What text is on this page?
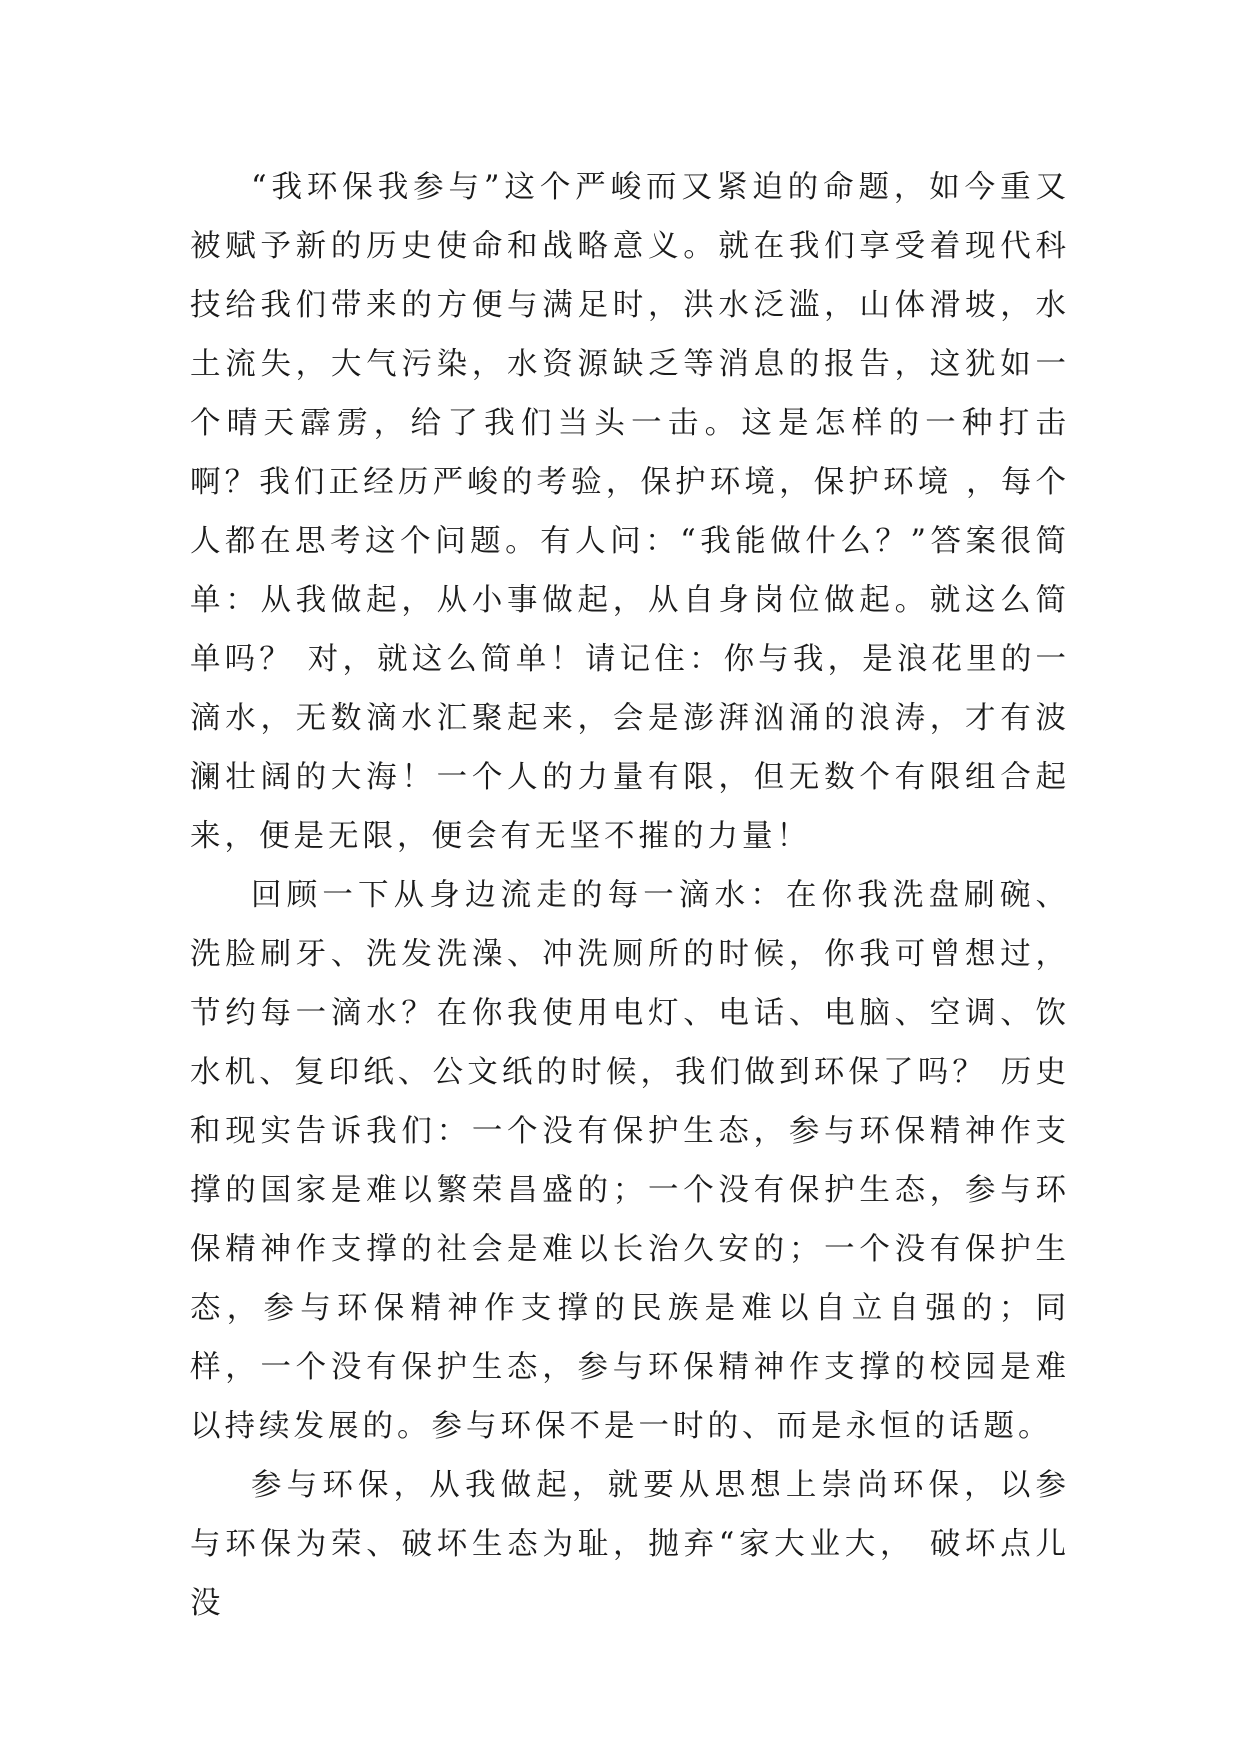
“我环保我参与”这个严峻而又紧迫的命题，如今重又被赋予新的历史使命和战略意义。就在我们享受着现代科技给我们带来的方便与满足时，洪水泛滥，山体滑坡，水土流失，大气污染，水资源缺乏等消息的报告，这犹如一个晴天霹雳，给了我们当头一击。这是怎样的一种打击啊？我们正经历严峻的考验，保护环境，保护环境 ，每个人都在思考这个问题。有人问：“我能做什么？”答案很简单：从我做起，从小事做起，从自身岗位做起。就这么简单吗？ 对，就这么简单！请记住：你与我，是浪花里的一滴水，无数滴水汇聚起来，会是澎湃汹涌的浪涛，才有波澜壮阔的大海！一个人的力量有限，但无数个有限组合起来，便是无限，便会有无坚不摧的力量！

回顾一下从身边流走的每一滴水：在你我洗盘刷碗、洗脸刷牙、洗发洗澡、冲洗厕所的时候，你我可曾想过，节约每一滴水？在你我使用电灯、电话、电脑、空调、饮水机、复印纸、公文纸的时候，我们做到环保了吗？ 历史和现实告诉我们：一个没有保护生态，参与环保精神作支撑的国家是难以繁荣昌盛的；一个没有保护生态，参与环保精神作支撑的社会是难以长治久安的；一个没有保护生态，参与环保精神作支撑的民族是难以自立自强的；同样，一个没有保护生态，参与环保精神作支撑的校园是难以持续发展的。参与环保不是一时的、而是永恒的话题。

参与环保，从我做起，就要从思想上崇尚环保，以参与环保为荣、破坏生态为耻，抛弃“家大业大， 破坏点儿没
